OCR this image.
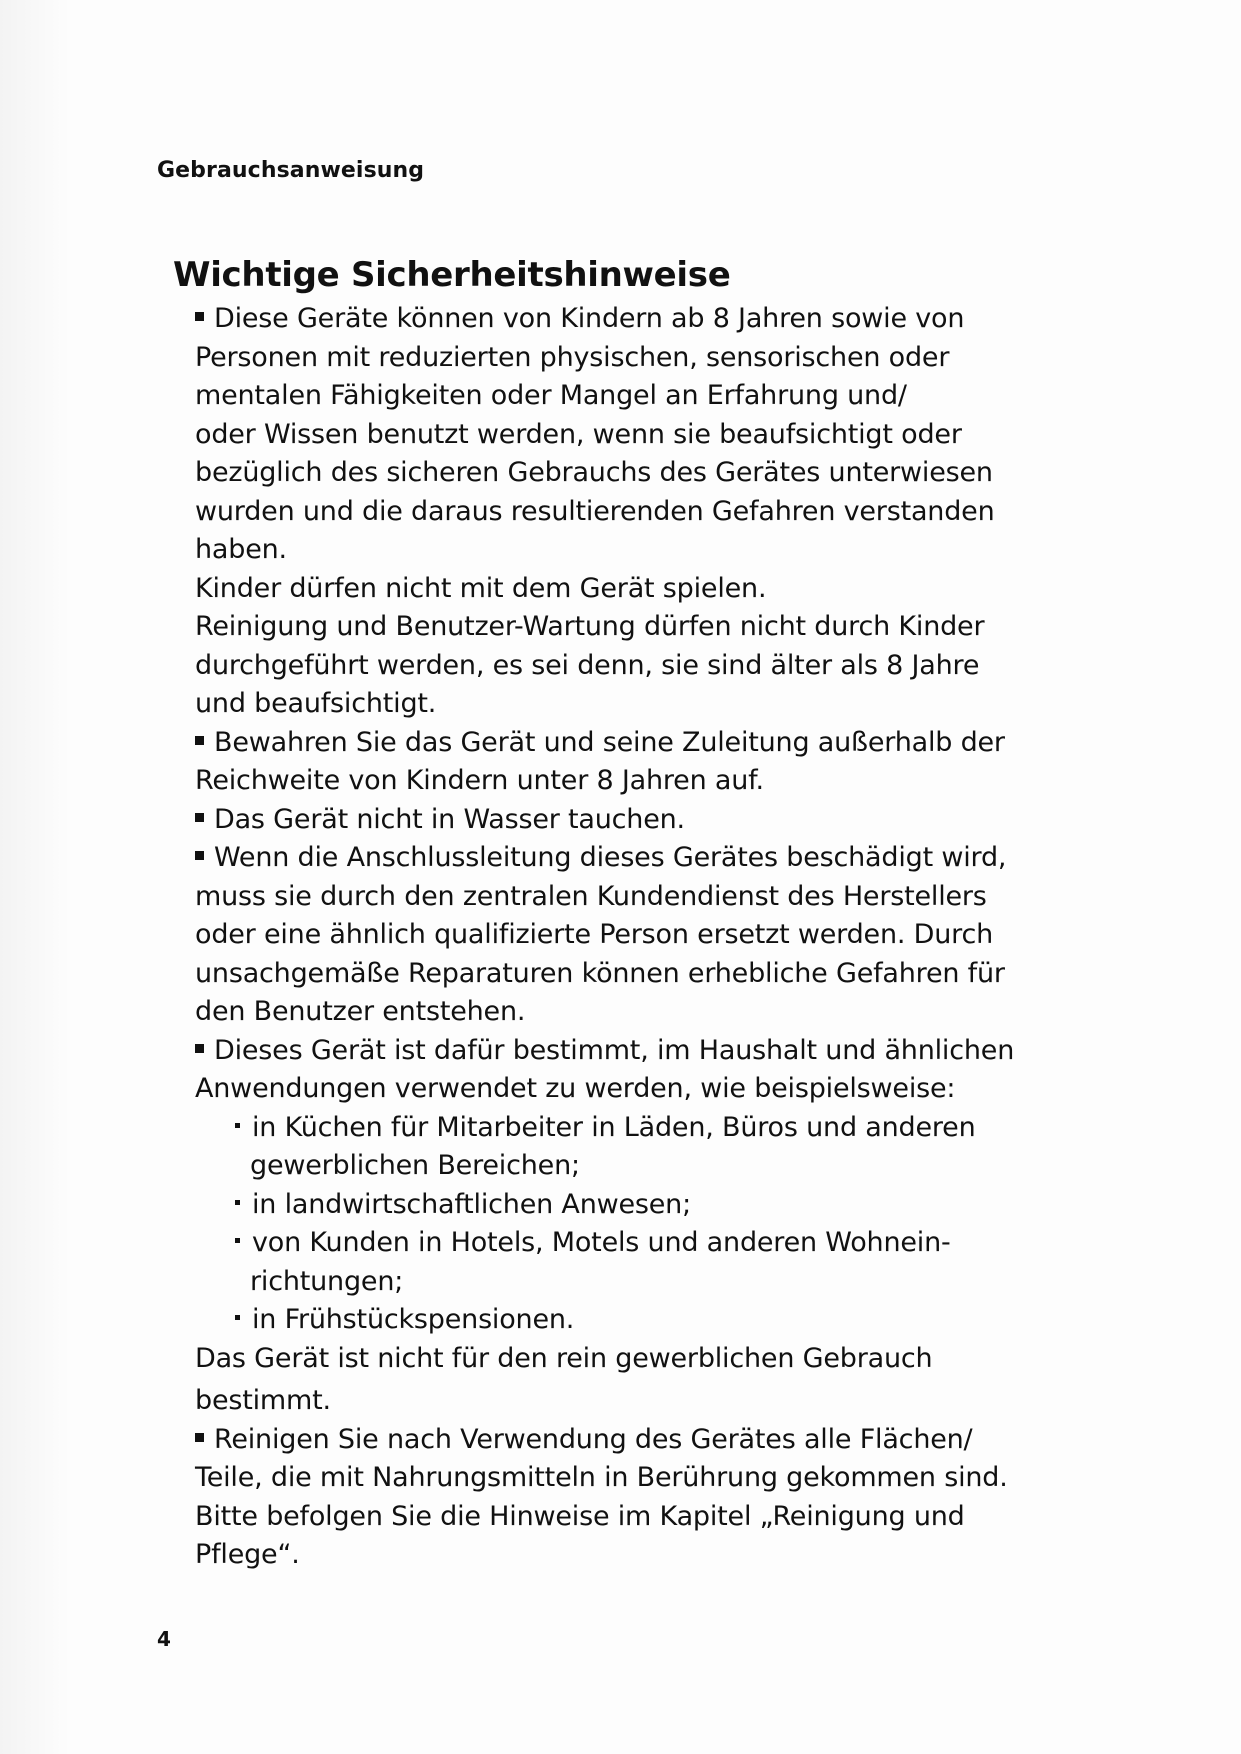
Gebrauchsanweisung
Wichtige Sicherheitshinweise
Diese Geräte können von Kindern ab 8 Jahren sowie von
Personen mit reduzierten physischen, sensorischen oder
mentalen Fähigkeiten oder Mangel an Erfahrung und/
oder Wissen benutzt werden, wenn sie beaufsichtigt oder
bezüglich des sicheren Gebrauchs des Gerätes unterwiesen
wurden und die daraus resultierenden Gefahren verstanden
haben.
Kinder dürfen nicht mit dem Gerät spielen.
Reinigung und Benutzer-Wartung dürfen nicht durch Kinder
durchgeführt werden, es sei denn, sie sind älter als 8 Jahre
und beaufsichtigt.
Bewahren Sie das Gerät und seine Zuleitung außerhalb der
Reichweite von Kindern unter 8 Jahren auf.
Das Gerät nicht in Wasser tauchen.
Wenn die Anschlussleitung dieses Gerätes beschädigt wird,
muss sie durch den zentralen Kundendienst des Herstellers
oder eine ähnlich qualifizierte Person ersetzt werden. Durch
unsachgemäße Reparaturen können erhebliche Gefahren für
den Benutzer entstehen.
Dieses Gerät ist dafür bestimmt, im Haushalt und ähnlichen
Anwendungen verwendet zu werden, wie beispielsweise:
in Küchen für Mitarbeiter in Läden, Büros und anderen
gewerblichen Bereichen;
in landwirtschaftlichen Anwesen;
von Kunden in Hotels, Motels und anderen Wohnein-
richtungen;
in Frühstückspensionen.
Das Gerät ist nicht für den rein gewerblichen Gebrauch
bestimmt.
Reinigen Sie nach Verwendung des Gerätes alle Flächen/
Teile, die mit Nahrungsmitteln in Berührung gekommen sind.
Bitte befolgen Sie die Hinweise im Kapitel „Reinigung und
Pflege“.
4
